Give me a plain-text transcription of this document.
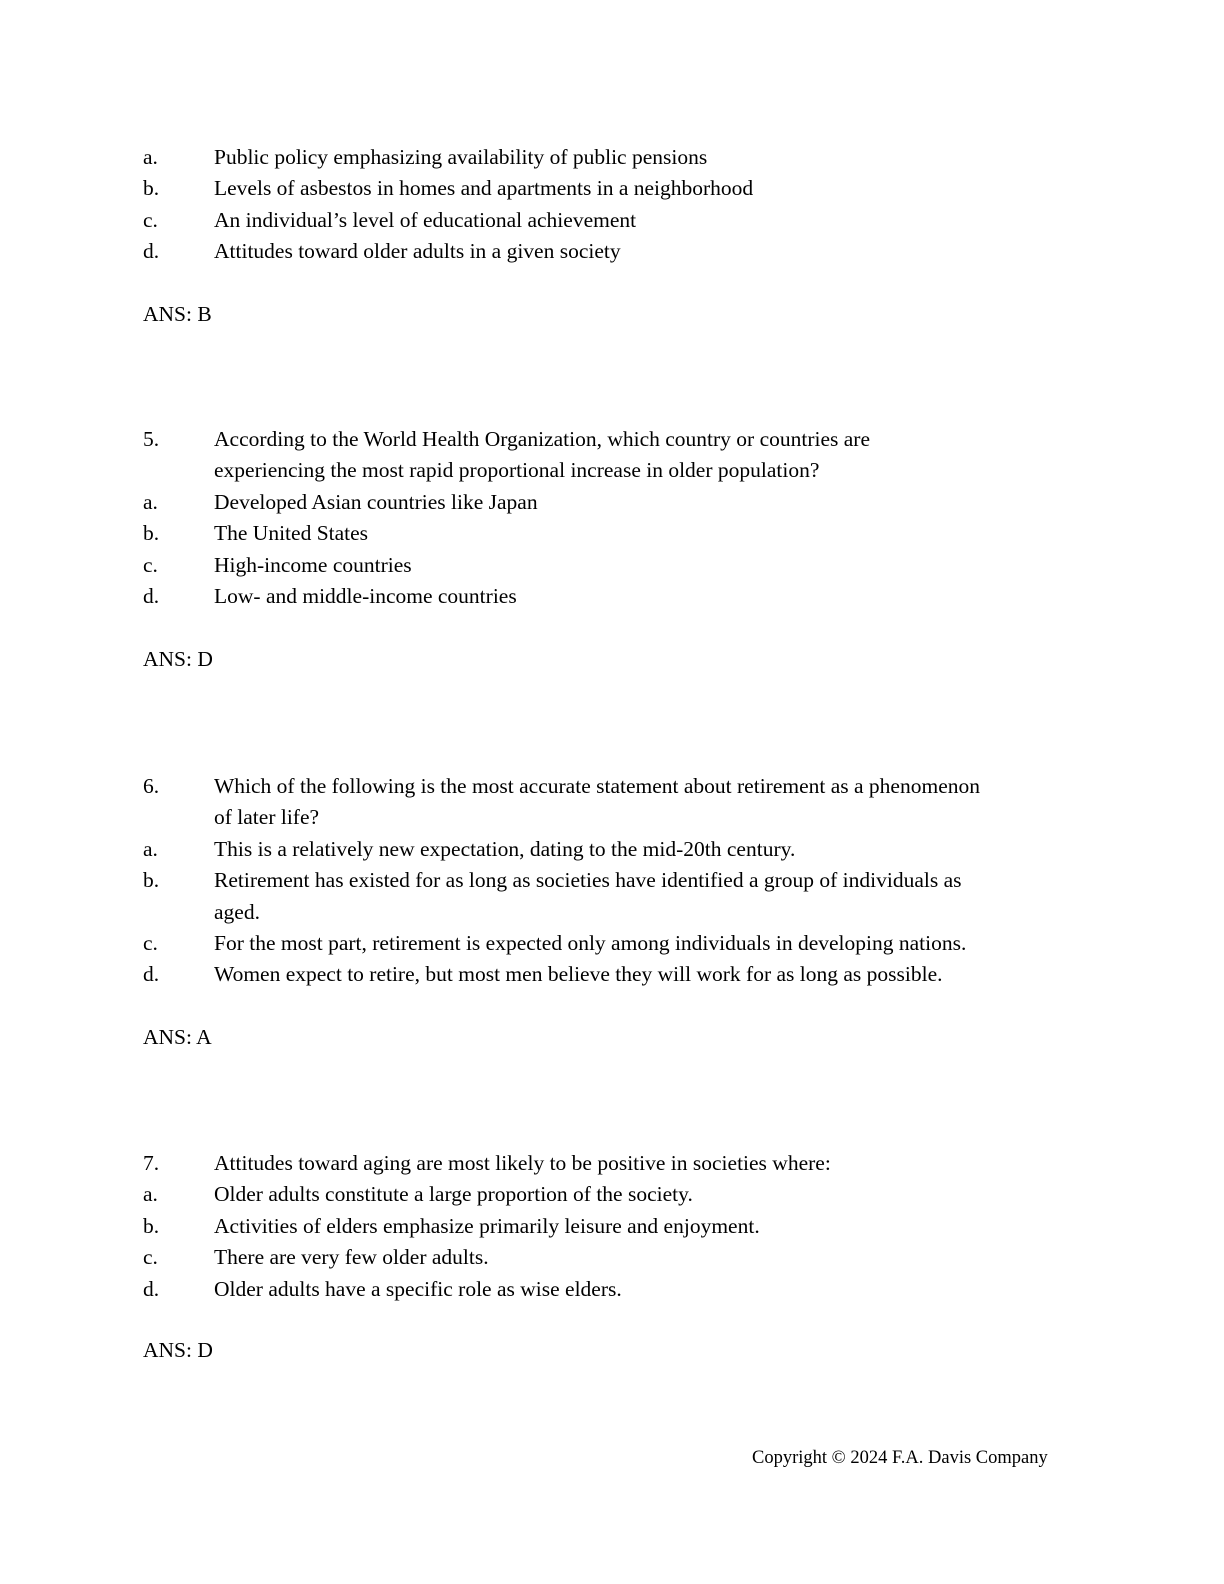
a.	Public policy emphasizing availability of public pensions
b.	Levels of asbestos in homes and apartments in a neighborhood
c.	An individual’s level of educational achievement
d.	Attitudes toward older adults in a given society
ANS: B
5.	According to the World Health Organization, which country or countries are
experiencing the most rapid proportional increase in older population?
a.	Developed Asian countries like Japan
b.	The United States
c.	High-income countries
d.	Low- and middle-income countries
ANS: D
6.	Which of the following is the most accurate statement about retirement as a phenomenon
of later life?
a.	This is a relatively new expectation, dating to the mid-20th century.
b.	Retirement has existed for as long as societies have identified a group of individuals as
aged.
c.	For the most part, retirement is expected only among individuals in developing nations.
d.	Women expect to retire, but most men believe they will work for as long as possible.
ANS: A
7.	Attitudes toward aging are most likely to be positive in societies where:
a.	Older adults constitute a large proportion of the society.
b.	Activities of elders emphasize primarily leisure and enjoyment.
c.	There are very few older adults.
d.	Older adults have a specific role as wise elders.
ANS: D
Copyright © 2024 F.A. Davis Company
